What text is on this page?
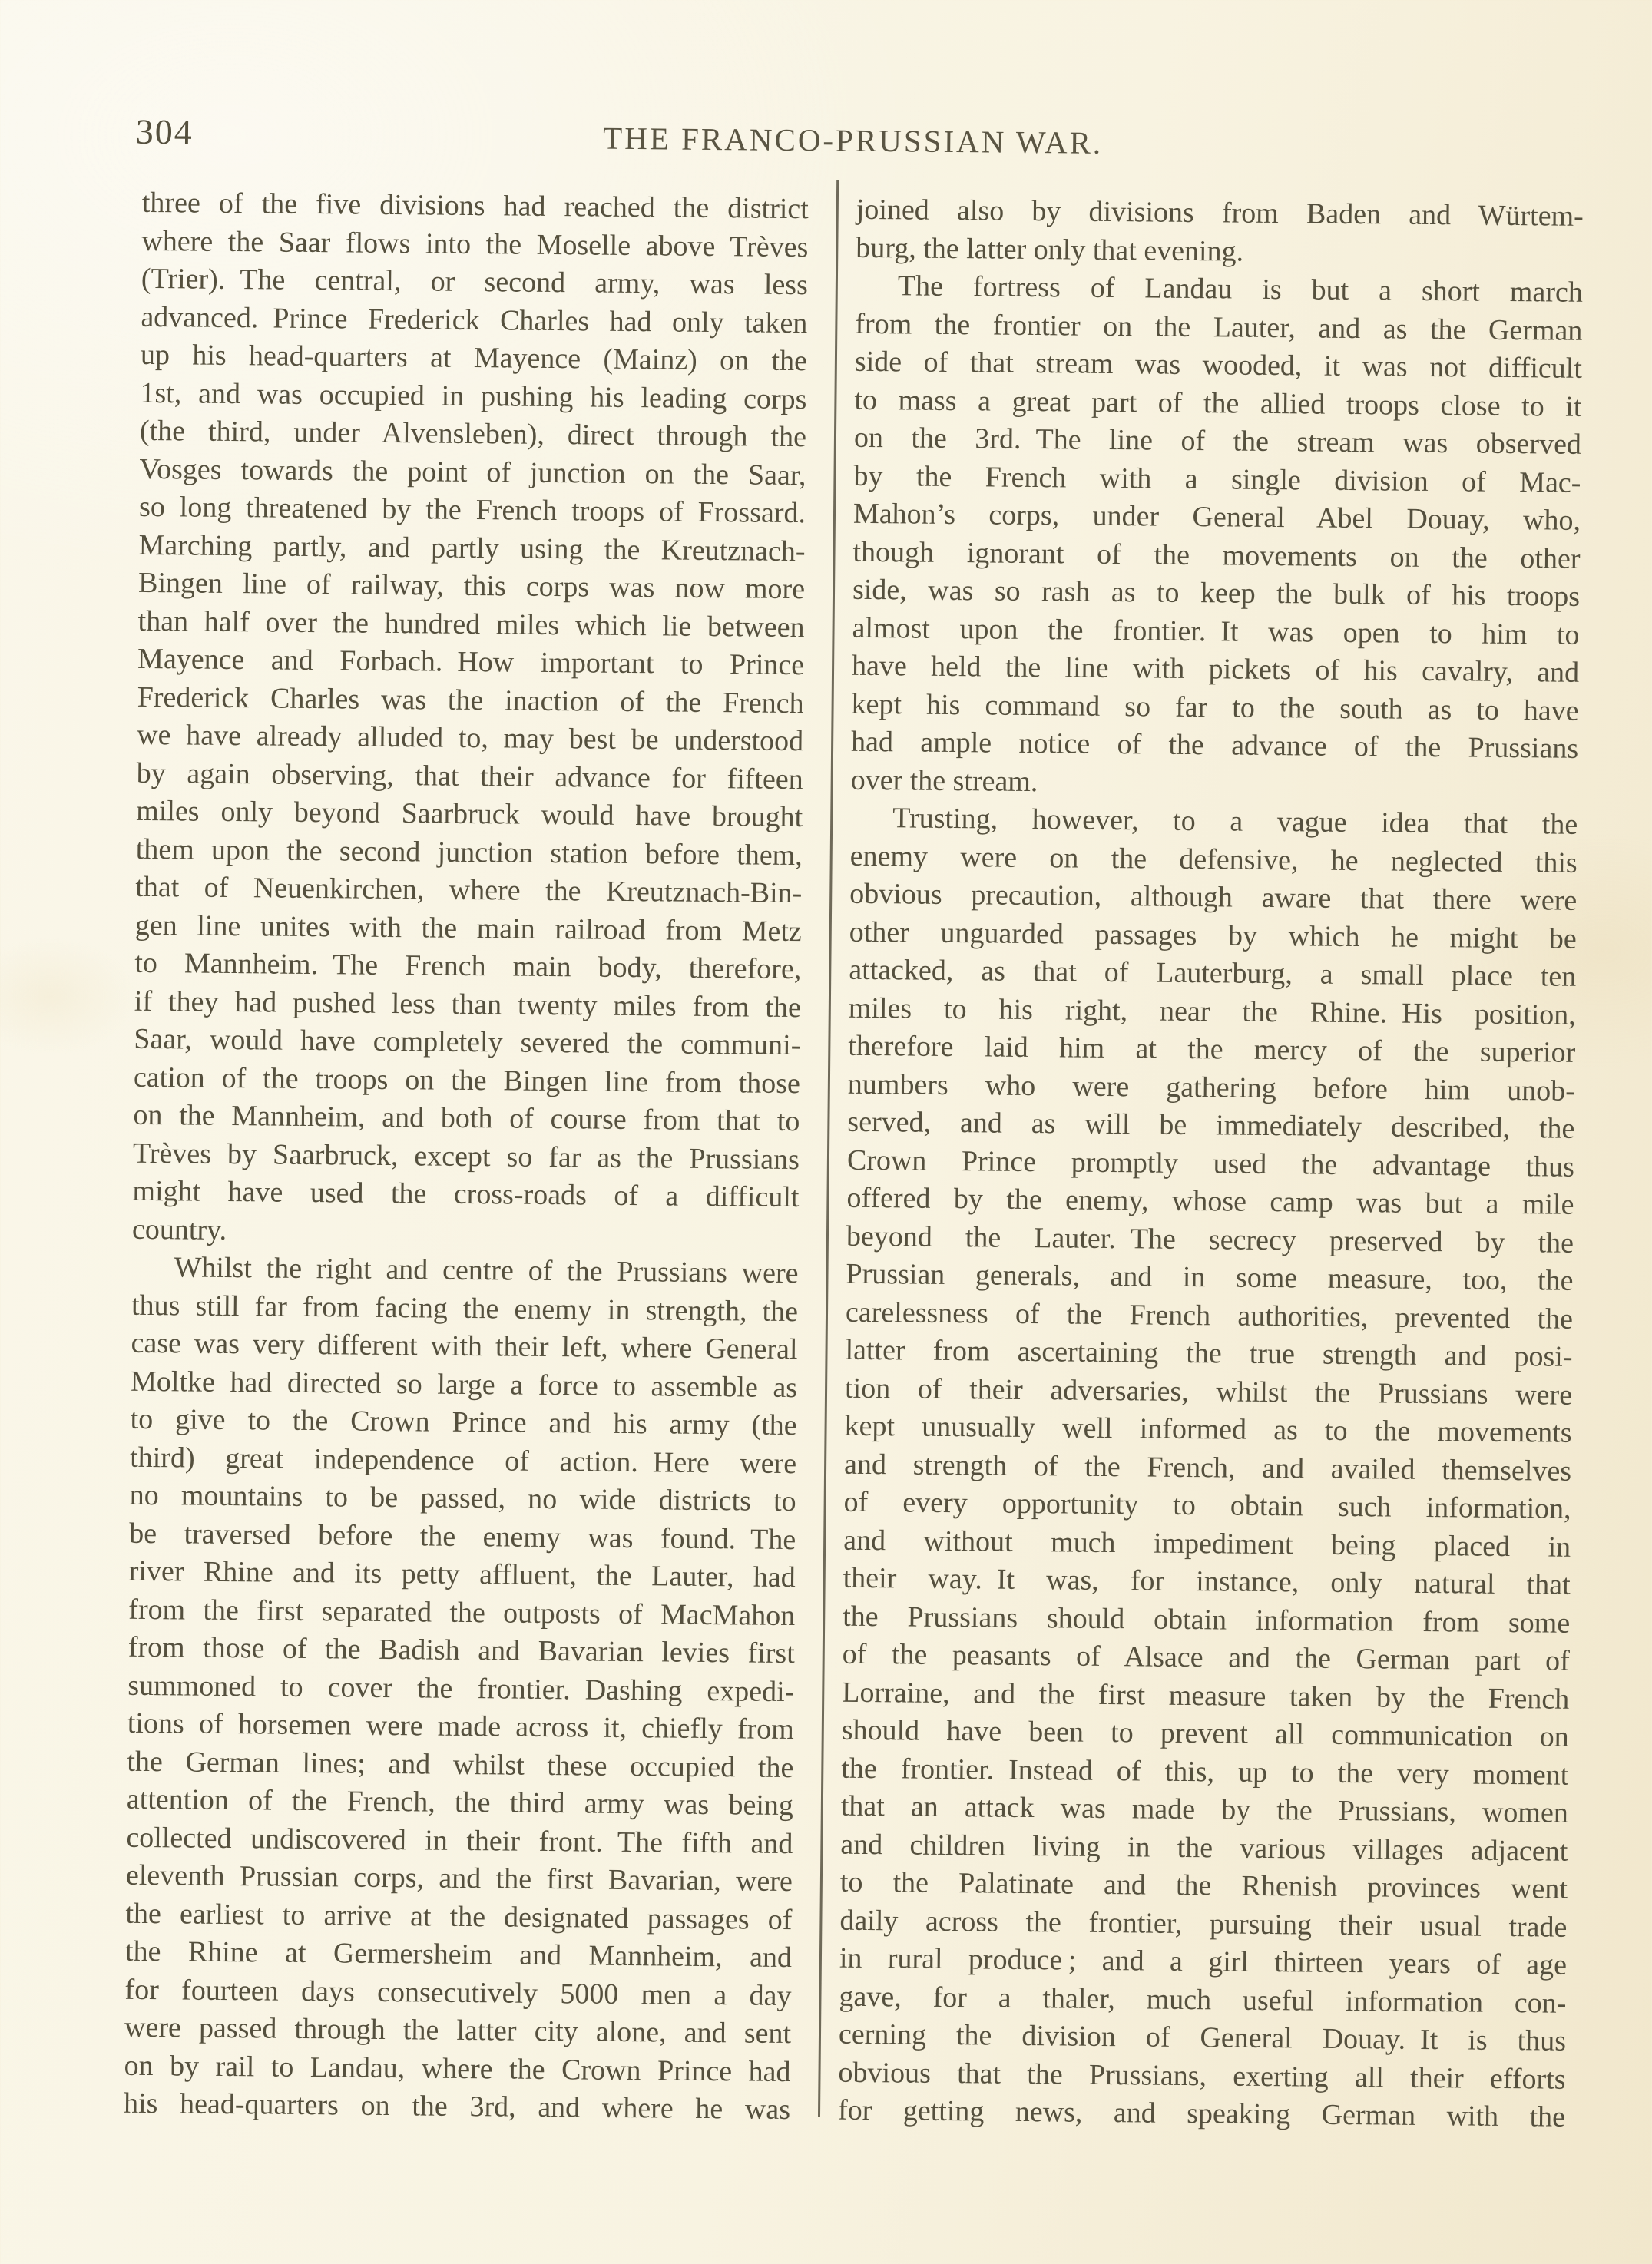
304	THE FRANCO-PRUSSIAN WAR.
three of the five divisions had reached the district
where the Saar flows into the Moselle above Trèves
(Trier). The central, or second army, was less
advanced. Prince Frederick Charles had only taken
up his head-quarters at Mayence (Mainz) on the
1st, and was occupied in pushing his leading corps
(the third, under Alvensleben), direct through the
Vosges towards the point of junction on the Saar,
so long threatened by the French troops of Frossard.
Marching partly, and partly using the Kreutznach-
Bingen line of railway, this corps was now more
than half over the hundred miles which lie between
Mayence and Forbach. How important to Prince
Frederick Charles was the inaction of the French
we have already alluded to, may best be understood
by again observing, that their advance for fifteen
miles only beyond Saarbruck would have brought
them upon the second junction station before them,
that of Neuenkirchen, where the Kreutznach-Bin-
gen line unites with the main railroad from Metz
to Mannheim. The French main body, therefore,
if they had pushed less than twenty miles from the
Saar, would have completely severed the communi-
cation of the troops on the Bingen line from those
on the Mannheim, and both of course from that to
Trèves by Saarbruck, except so far as the Prussians
might have used the cross-roads of a difficult
country.
Whilst the right and centre of the Prussians were
thus still far from facing the enemy in strength, the
case was very different with their left, where General
Moltke had directed so large a force to assemble as
to give to the Crown Prince and his army (the
third) great independence of action. Here were
no mountains to be passed, no wide districts to
be traversed before the enemy was found. The
river Rhine and its petty affluent, the Lauter, had
from the first separated the outposts of MacMahon
from those of the Badish and Bavarian levies first
summoned to cover the frontier. Dashing expedi-
tions of horsemen were made across it, chiefly from
the German lines; and whilst these occupied the
attention of the French, the third army was being
collected undiscovered in their front. The fifth and
eleventh Prussian corps, and the first Bavarian, were
the earliest to arrive at the designated passages of
the Rhine at Germersheim and Mannheim, and
for fourteen days consecutively 5000 men a day
were passed through the latter city alone, and sent
on by rail to Landau, where the Crown Prince had
his head-quarters on the 3rd, and where he was
joined also by divisions from Baden and Würtem-
burg, the latter only that evening.
The fortress of Landau is but a short march
from the frontier on the Lauter, and as the German
side of that stream was wooded, it was not difficult
to mass a great part of the allied troops close to it
on the 3rd. The line of the stream was observed
by the French with a single division of Mac-
Mahon’s corps, under General Abel Douay, who,
though ignorant of the movements on the other
side, was so rash as to keep the bulk of his troops
almost upon the frontier. It was open to him to
have held the line with pickets of his cavalry, and
kept his command so far to the south as to have
had ample notice of the advance of the Prussians
over the stream.
Trusting, however, to a vague idea that the
enemy were on the defensive, he neglected this
obvious precaution, although aware that there were
other unguarded passages by which he might be
attacked, as that of Lauterburg, a small place ten
miles to his right, near the Rhine. His position,
therefore laid him at the mercy of the superior
numbers who were gathering before him unob-
served, and as will be immediately described, the
Crown Prince promptly used the advantage thus
offered by the enemy, whose camp was but a mile
beyond the Lauter. The secrecy preserved by the
Prussian generals, and in some measure, too, the
carelessness of the French authorities, prevented the
latter from ascertaining the true strength and posi-
tion of their adversaries, whilst the Prussians were
kept unusually well informed as to the movements
and strength of the French, and availed themselves
of every opportunity to obtain such information,
and without much impediment being placed in
their way. It was, for instance, only natural that
the Prussians should obtain information from some
of the peasants of Alsace and the German part of
Lorraine, and the first measure taken by the French
should have been to prevent all communication on
the frontier. Instead of this, up to the very moment
that an attack was made by the Prussians, women
and children living in the various villages adjacent
to the Palatinate and the Rhenish provinces went
daily across the frontier, pursuing their usual trade
in rural produce ; and a girl thirteen years of age
gave, for a thaler, much useful information con-
cerning the division of General Douay. It is thus
obvious that the Prussians, exerting all their efforts
for getting news, and speaking German with the
